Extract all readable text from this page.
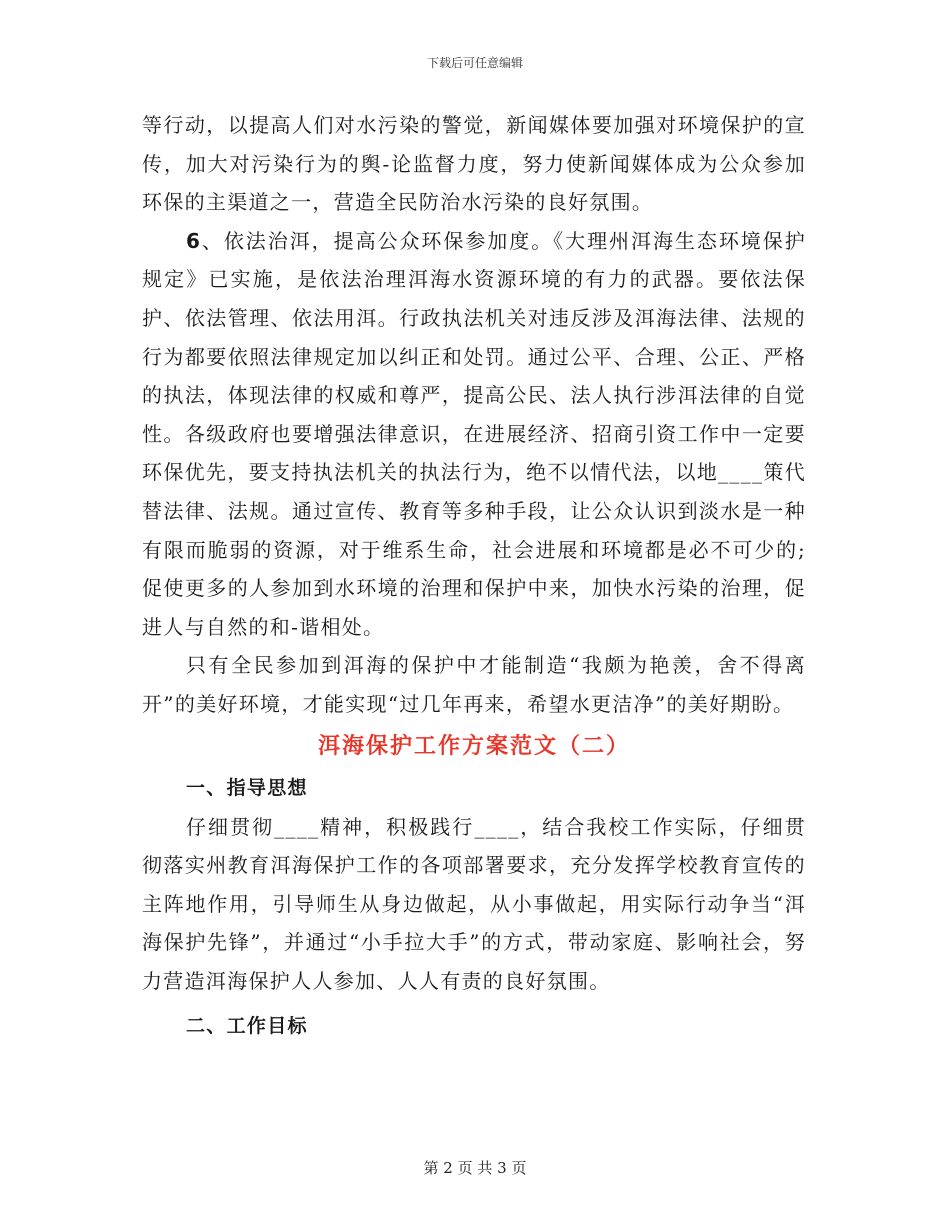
下载后可任意编辑

等行动，以提高人们对水污染的警觉，新闻媒体要加强对环境保护的宣传，加大对污染行为的舆-论监督力度，努力使新闻媒体成为公众参加环保的主渠道之一，营造全民防治水污染的良好氛围。

6、依法治洱，提高公众环保参加度。《大理州洱海生态环境保护规定》已实施，是依法治理洱海水资源环境的有力的武器。要依法保护、依法管理、依法用洱。行政执法机关对违反涉及洱海法律、法规的行为都要依照法律规定加以纠正和处罚。通过公平、合理、公正、严格的执法，体现法律的权威和尊严，提高公民、法人执行涉洱法律的自觉性。各级政府也要增强法律意识，在进展经济、招商引资工作中一定要环保优先，要支持执法机关的执法行为，绝不以情代法，以地____策代替法律、法规。通过宣传、教育等多种手段，让公众认识到淡水是一种有限而脆弱的资源，对于维系生命，社会进展和环境都是必不可少的;促使更多的人参加到水环境的治理和保护中来，加快水污染的治理，促进人与自然的和-谐相处。

只有全民参加到洱海的保护中才能制造“我颇为艳羡，舍不得离开”的美好环境，才能实现“过几年再来，希望水更洁净”的美好期盼。

洱海保护工作方案范文（二）
一、指导思想

仔细贯彻____精神，积极践行____，结合我校工作实际，仔细贯彻落实州教育洱海保护工作的各项部署要求，充分发挥学校教育宣传的主阵地作用，引导师生从身边做起，从小事做起，用实际行动争当“洱海保护先锋”，并通过“小手拉大手”的方式，带动家庭、影响社会，努力营造洱海保护人人参加、人人有责的良好氛围。

二、工作目标
第 2 页 共 3 页
